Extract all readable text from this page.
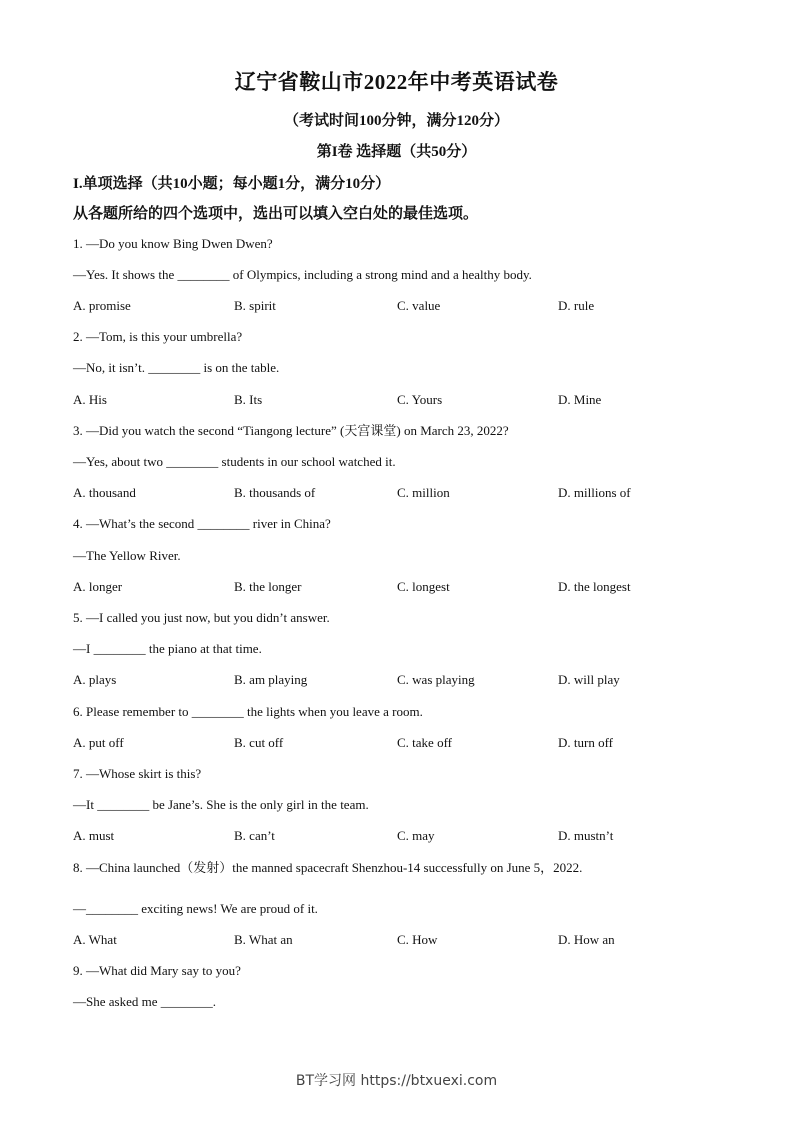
辽宁省鞍山市2022年中考英语试卷
（考试时间100分钟，满分120分）
第I卷 选择题（共50分）
I.单项选择（共10小题；每小题1分，满分10分）
从各题所给的四个选项中，选出可以填入空白处的最佳选项。
1. —Do you know Bing Dwen Dwen?
—Yes. It shows the ________ of Olympics, including a strong mind and a healthy body.
A. promise	B. spirit	C. value	D. rule
2. —Tom, is this your umbrella?
—No, it isn’t. ________ is on the table.
A. His	B. Its	C. Yours	D. Mine
3. —Did you watch the second “Tiangong lecture” (天宫课堂) on March 23, 2022?
—Yes, about two ________ students in our school watched it.
A. thousand	B. thousands of	C. million	D. millions of
4. —What’s the second ________ river in China?
—The Yellow River.
A. longer	B. the longer	C. longest	D. the longest
5. —I called you just now, but you didn’t answer.
—I ________ the piano at that time.
A. plays	B. am playing	C. was playing	D. will play
6. Please remember to ________ the lights when you leave a room.
A. put off	B. cut off	C. take off	D. turn off
7. —Whose skirt is this?
—It ________ be Jane’s. She is the only girl in the team.
A. must	B. can’t	C. may	D. mustn’t
8. —China launched（发射）the manned spacecraft Shenzhou-14 successfully on June 5，2022.
—________ exciting news! We are proud of it.
A. What	B. What an	C. How	D. How an
9. —What did Mary say to you?
—She asked me ________.
BT学习网 https://btxuexi.com
